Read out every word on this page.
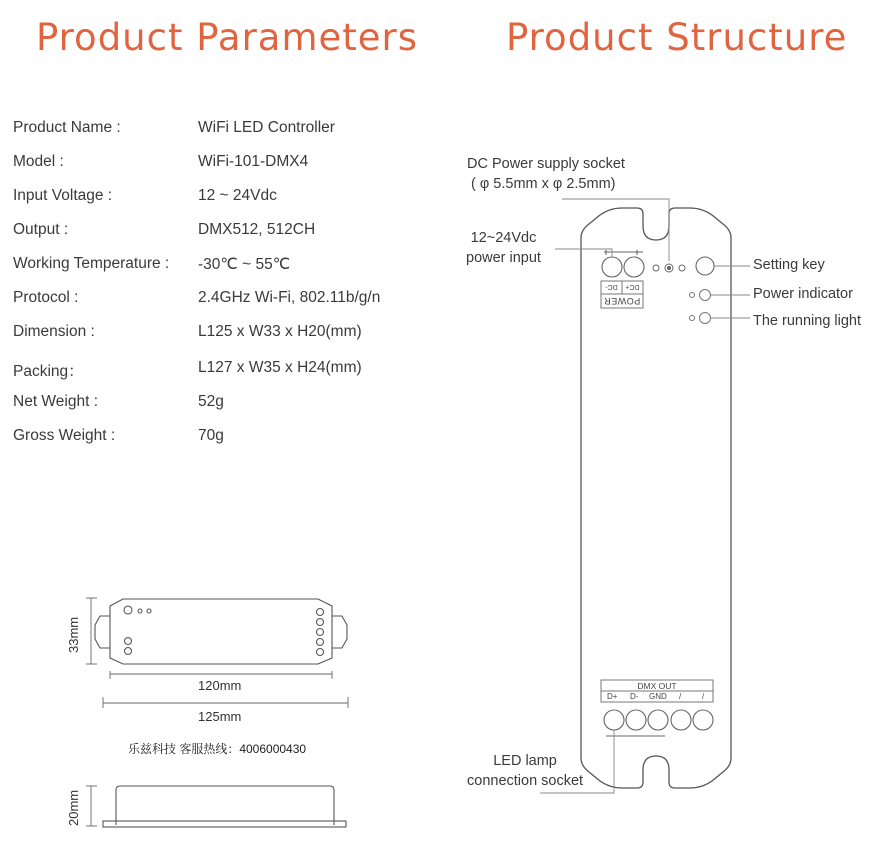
Product Parameters Product Structure
Product Name :	WiFi LED Controller
Model :	WiFi-101-DMX4
Input Voltage :	12 ~ 24Vdc
Output :	DMX512, 512CH
Working Temperature : -30℃ ~ 55℃
Protocol :	2.4GHz Wi-Fi, 802.11b/g/n
Dimension :	L125 x W33 x H20(mm)
Packing：	L127 x W35 x H24(mm)
Net Weight :	52g
Gross Weight :	70g
POWER
DC+
DC-
DMX OUT
D+ D- GND /	/
DC Power supply socket
( φ 5.5mm x φ 2.5mm)
12~24Vdc
power input	Setting key
Power indicator
The running light
LED lamp
connection socket
33mm
120mm
125mm
20mm
乐兹科技 客服热线：4006000430
